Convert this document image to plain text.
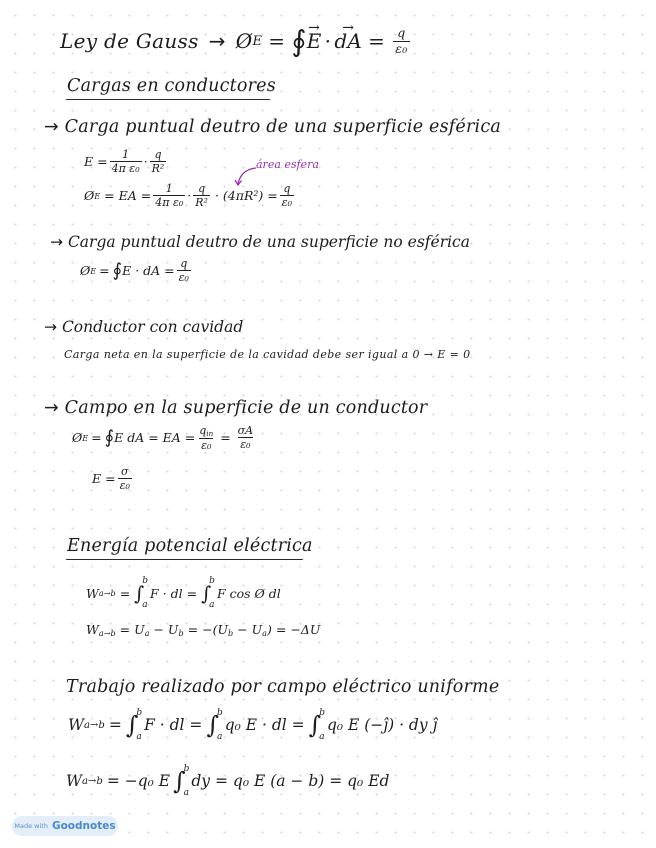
Ley de Gauss → Ø E = ∮ → E · → dA = $\frac{q}{\text{ε₀}}$
Cargas en conductores
→ Carga puntual deutro de una superficie esférica
$E = \frac{1}{\text{4π ε₀}} \cdot \frac{q}{\text{R²}}$	área esfera
Ø E = EA = $\frac{1}{\text{4π ε₀}} \cdot \frac{q}{\text{R²}} \cdot (4\pi R^2) = \frac{q}{\text{ε₀}}$
→ Carga puntual deutro de una superficie no esférica
Ø E = ∮ E · dA = $\frac{q}{\text{ε₀}}$
→ Conductor con cavidad
Carga neta en la superficie de la cavidad debe ser igual a 0 → E = 0
→ Campo en la superficie de un conductor
Ø E = ∮ E dA = EA = $\frac{q_{in}}{\text{ε₀}} = \frac{\sigma A}{\text{ε₀}}$
$E = \frac{\sigma}{\text{ε₀}}$
Energía potencial eléctrica
W a→b = ∫
b
a
F · dl = ∫
b
a
F cos Ø dl
$W_{a\to b} = U_a - U_b = -(U_b - U_a) = -\Delta U$
Trabajo realizado por campo eléctrico uniforme
W a→b = ∫
b
a
F · dl = ∫
b
a
q₀ E · dl = ∫
b
a
q₀ E (−ĵ) · dy ĵ
W a→b = −q₀ E ∫
b
a
dy = q₀ E (a − b) = q₀ Ed
Made with Goodnotes
